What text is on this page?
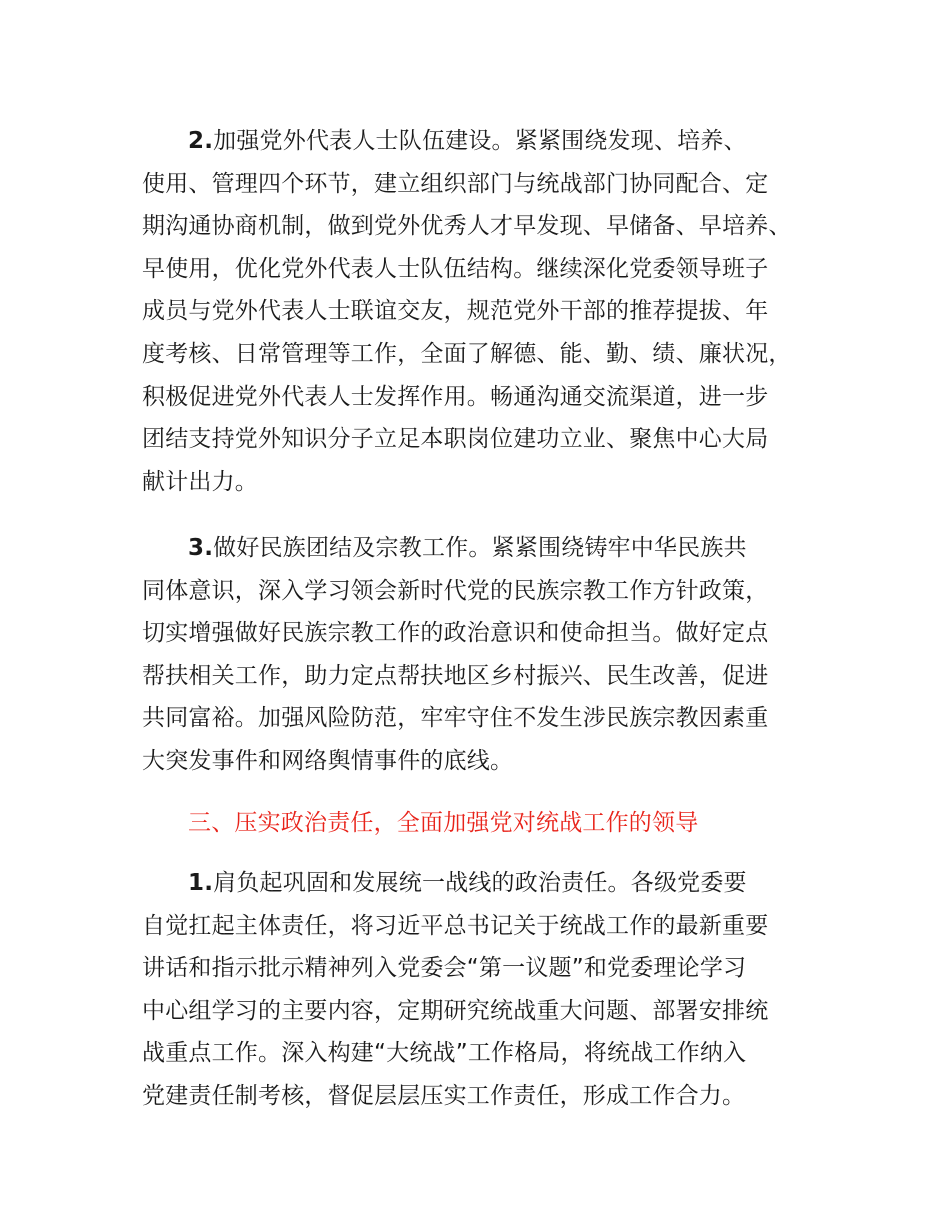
2.加强党外代表人士队伍建设。紧紧围绕发现、培养、
使用、管理四个环节，建立组织部门与统战部门协同配合、定
期沟通协商机制，做到党外优秀人才早发现、早储备、早培养、
早使用，优化党外代表人士队伍结构。继续深化党委领导班子
成员与党外代表人士联谊交友，规范党外干部的推荐提拔、年
度考核、日常管理等工作，全面了解德、能、勤、绩、廉状况，
积极促进党外代表人士发挥作用。畅通沟通交流渠道，进一步
团结支持党外知识分子立足本职岗位建功立业、聚焦中心大局
献计出力。
3.做好民族团结及宗教工作。紧紧围绕铸牢中华民族共
同体意识，深入学习领会新时代党的民族宗教工作方针政策，
切实增强做好民族宗教工作的政治意识和使命担当。做好定点
帮扶相关工作，助力定点帮扶地区乡村振兴、民生改善，促进
共同富裕。加强风险防范，牢牢守住不发生涉民族宗教因素重
大突发事件和网络舆情事件的底线。
三、压实政治责任，全面加强党对统战工作的领导
1.肩负起巩固和发展统一战线的政治责任。各级党委要
自觉扛起主体责任，将习近平总书记关于统战工作的最新重要
讲话和指示批示精神列入党委会“第一议题”和党委理论学习
中心组学习的主要内容，定期研究统战重大问题、部署安排统
战重点工作。深入构建“大统战”工作格局，将统战工作纳入
党建责任制考核，督促层层压实工作责任，形成工作合力。
